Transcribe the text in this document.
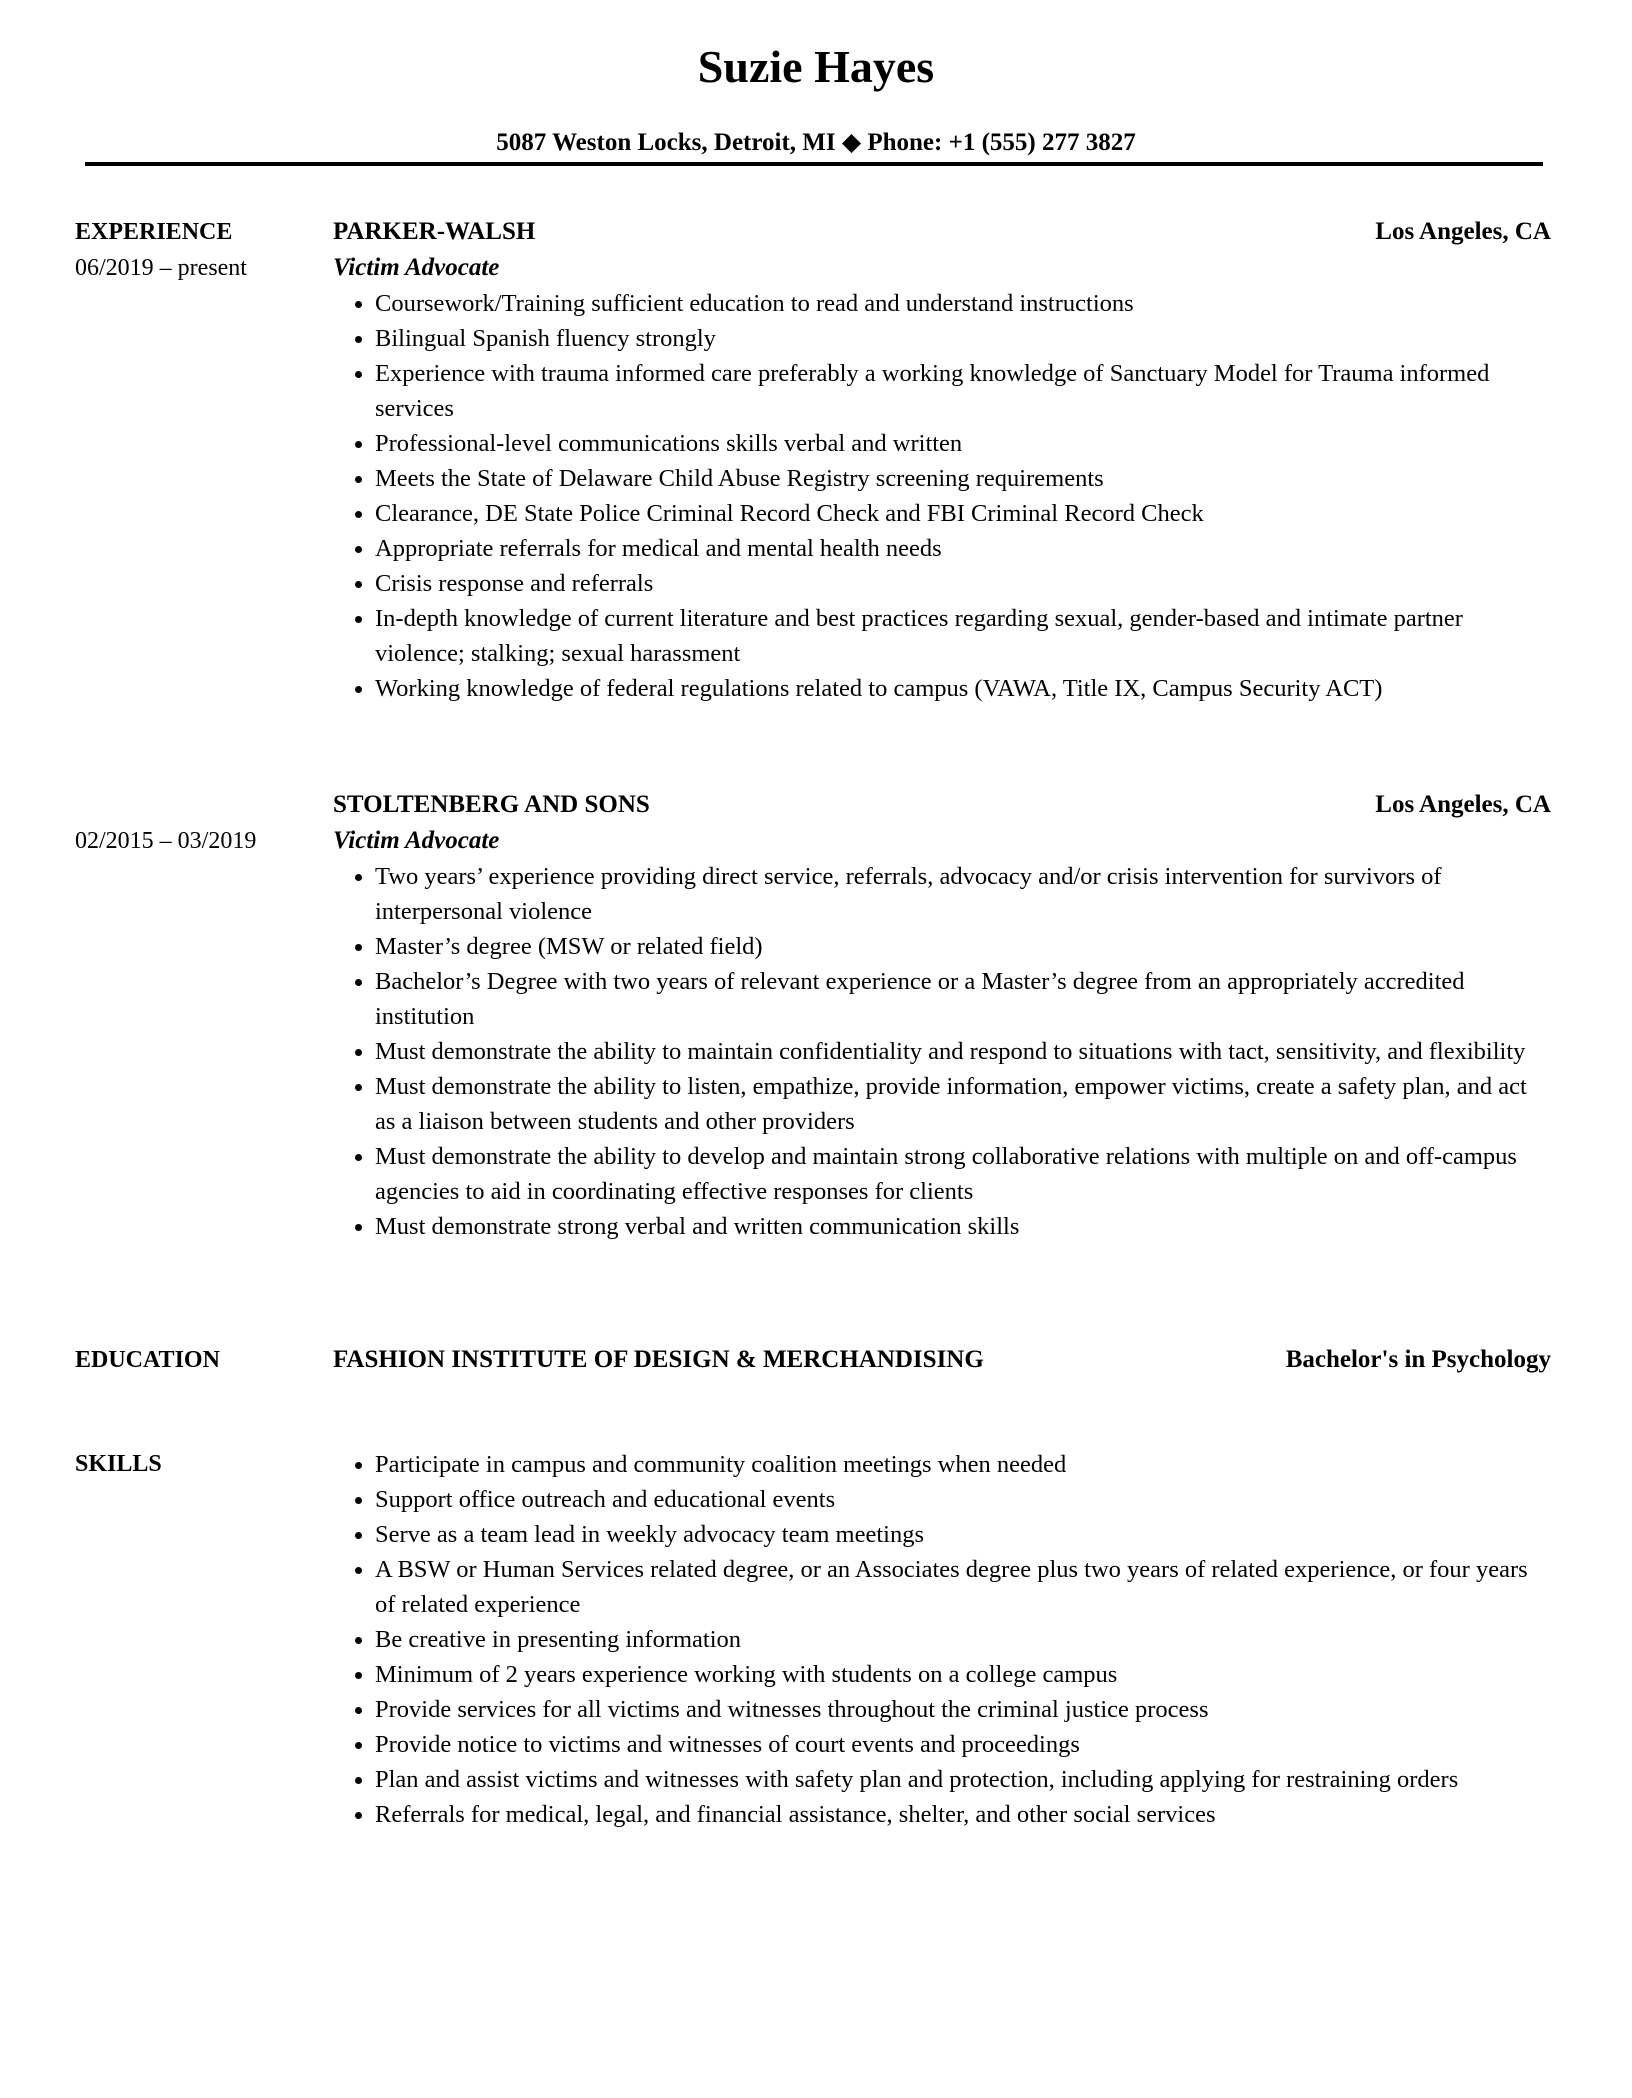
Suzie Hayes
5087 Weston Locks, Detroit, MI ◆ Phone: +1 (555) 277 3827
EXPERIENCE
06/2019 – present
PARKER-WALSH	Los Angeles, CA
Victim Advocate
Coursework/Training sufficient education to read and understand instructions
Bilingual Spanish fluency strongly
Experience with trauma informed care preferably a working knowledge of Sanctuary Model for Trauma informed services
Professional-level communications skills verbal and written
Meets the State of Delaware Child Abuse Registry screening requirements
Clearance, DE State Police Criminal Record Check and FBI Criminal Record Check
Appropriate referrals for medical and mental health needs
Crisis response and referrals
In-depth knowledge of current literature and best practices regarding sexual, gender-based and intimate partner violence; stalking; sexual harassment
Working knowledge of federal regulations related to campus (VAWA, Title IX, Campus Security ACT)
02/2015 – 03/2019
STOLTENBERG AND SONS	Los Angeles, CA
Victim Advocate
Two years’ experience providing direct service, referrals, advocacy and/or crisis intervention for survivors of interpersonal violence
Master’s degree (MSW or related field)
Bachelor’s Degree with two years of relevant experience or a Master’s degree from an appropriately accredited institution
Must demonstrate the ability to maintain confidentiality and respond to situations with tact, sensitivity, and flexibility
Must demonstrate the ability to listen, empathize, provide information, empower victims, create a safety plan, and act as a liaison between students and other providers
Must demonstrate the ability to develop and maintain strong collaborative relations with multiple on and off-campus agencies to aid in coordinating effective responses for clients
Must demonstrate strong verbal and written communication skills
EDUCATION	FASHION INSTITUTE OF DESIGN & MERCHANDISING	Bachelor's in Psychology
SKILLS	Participate in campus and community coalition meetings when needed
Support office outreach and educational events
Serve as a team lead in weekly advocacy team meetings
A BSW or Human Services related degree, or an Associates degree plus two years of related experience, or four years of related experience
Be creative in presenting information
Minimum of 2 years experience working with students on a college campus
Provide services for all victims and witnesses throughout the criminal justice process
Provide notice to victims and witnesses of court events and proceedings
Plan and assist victims and witnesses with safety plan and protection, including applying for restraining orders
Referrals for medical, legal, and financial assistance, shelter, and other social services
